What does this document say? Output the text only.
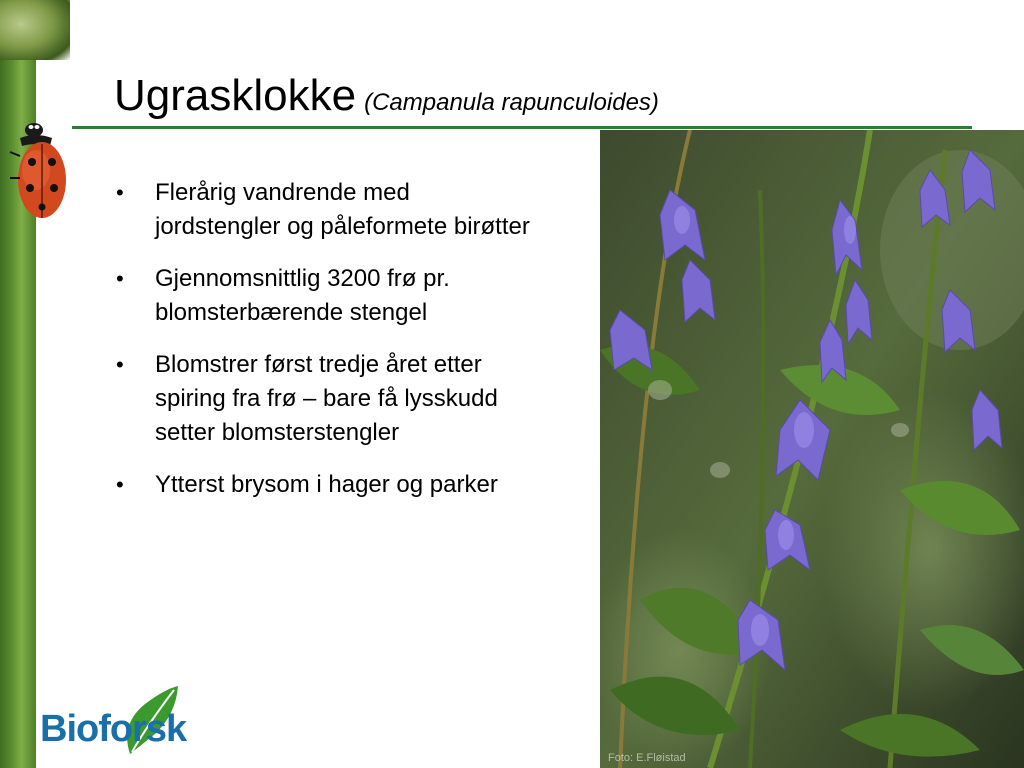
Ugrasklokke (Campanula rapunculoides)
• Flerårig vandrende med jordstengler og påleformete birøtter
• Gjennomsnittlig 3200 frø pr. blomsterbærende stengel
• Blomstrer først tredje året etter spiring fra frø – bare få lysskudd setter blomsterstengler
• Ytterst brysom i hager og parker
Foto: E.Fløistad
Bioforsk
